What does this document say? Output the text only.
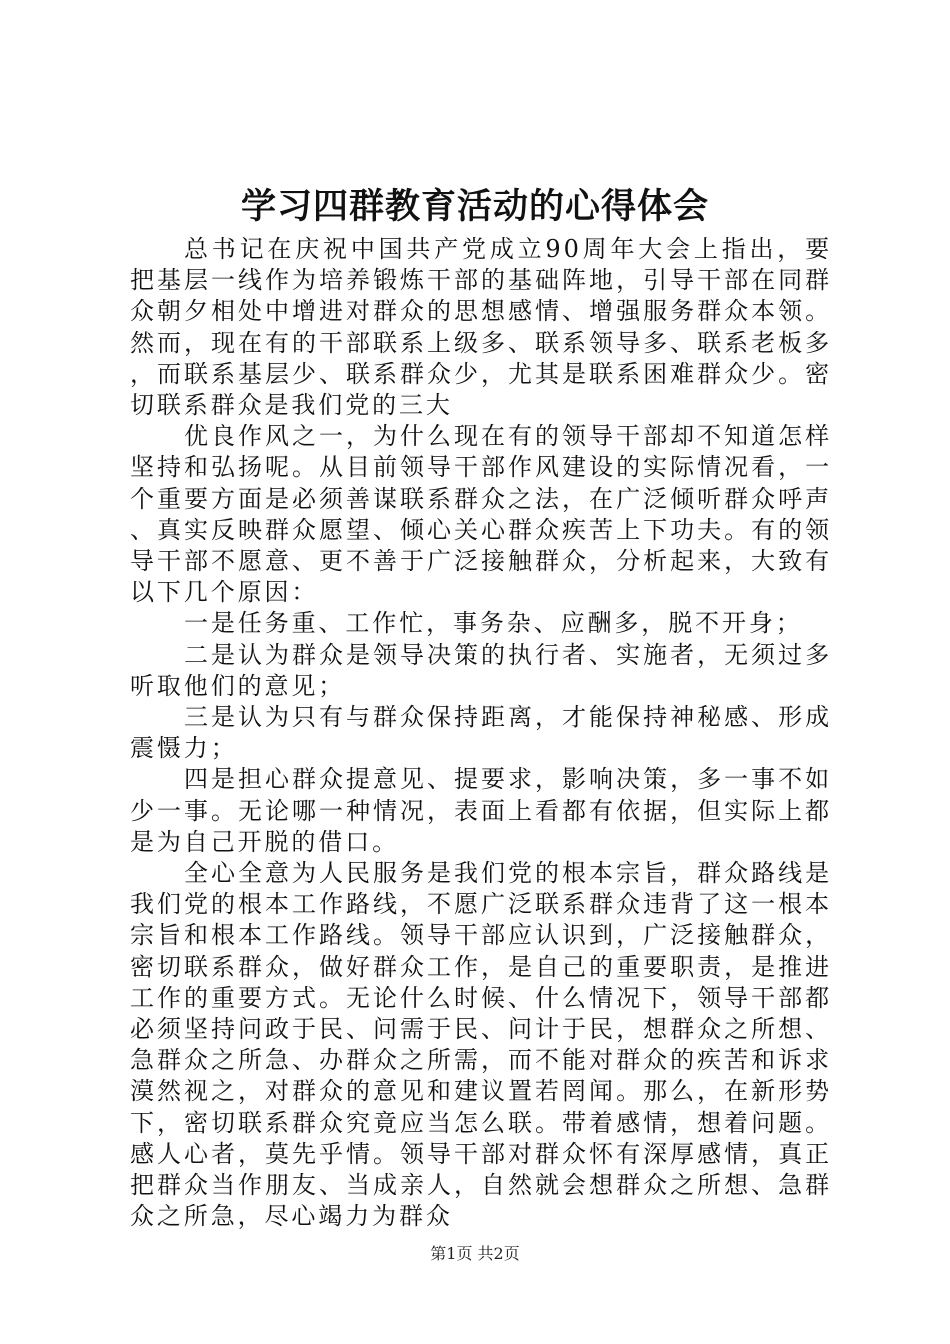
学习四群教育活动的心得体会

总书记在庆祝中国共产党成立90周年大会上指出，要把基层一线作为培养锻炼干部的基础阵地，引导干部在同群众朝夕相处中增进对群众的思想感情、增强服务群众本领。然而，现在有的干部联系上级多、联系领导多、联系老板多，而联系基层少、联系群众少，尤其是联系困难群众少。密切联系群众是我们党的三大

优良作风之一，为什么现在有的领导干部却不知道怎样坚持和弘扬呢。从目前领导干部作风建设的实际情况看，一个重要方面是必须善谋联系群众之法，在广泛倾听群众呼声、真实反映群众愿望、倾心关心群众疾苦上下功夫。有的领导干部不愿意、更不善于广泛接触群众，分析起来，大致有以下几个原因：

一是任务重、工作忙，事务杂、应酬多，脱不开身；

二是认为群众是领导决策的执行者、实施者，无须过多听取他们的意见；

三是认为只有与群众保持距离，才能保持神秘感、形成震慑力；

四是担心群众提意见、提要求，影响决策，多一事不如少一事。无论哪一种情况，表面上看都有依据，但实际上都是为自己开脱的借口。

全心全意为人民服务是我们党的根本宗旨，群众路线是我们党的根本工作路线，不愿广泛联系群众违背了这一根本宗旨和根本工作路线。领导干部应认识到，广泛接触群众，密切联系群众，做好群众工作，是自己的重要职责，是推进工作的重要方式。无论什么时候、什么情况下，领导干部都必须坚持问政于民、问需于民、问计于民，想群众之所想、急群众之所急、办群众之所需，而不能对群众的疾苦和诉求漠然视之，对群众的意见和建议置若罔闻。那么，在新形势下，密切联系群众究竟应当怎么联。带着感情，想着问题。感人心者，莫先乎情。领导干部对群众怀有深厚感情，真正把群众当作朋友、当成亲人，自然就会想群众之所想、急群众之所急，尽心竭力为群众

第1页 共2页
